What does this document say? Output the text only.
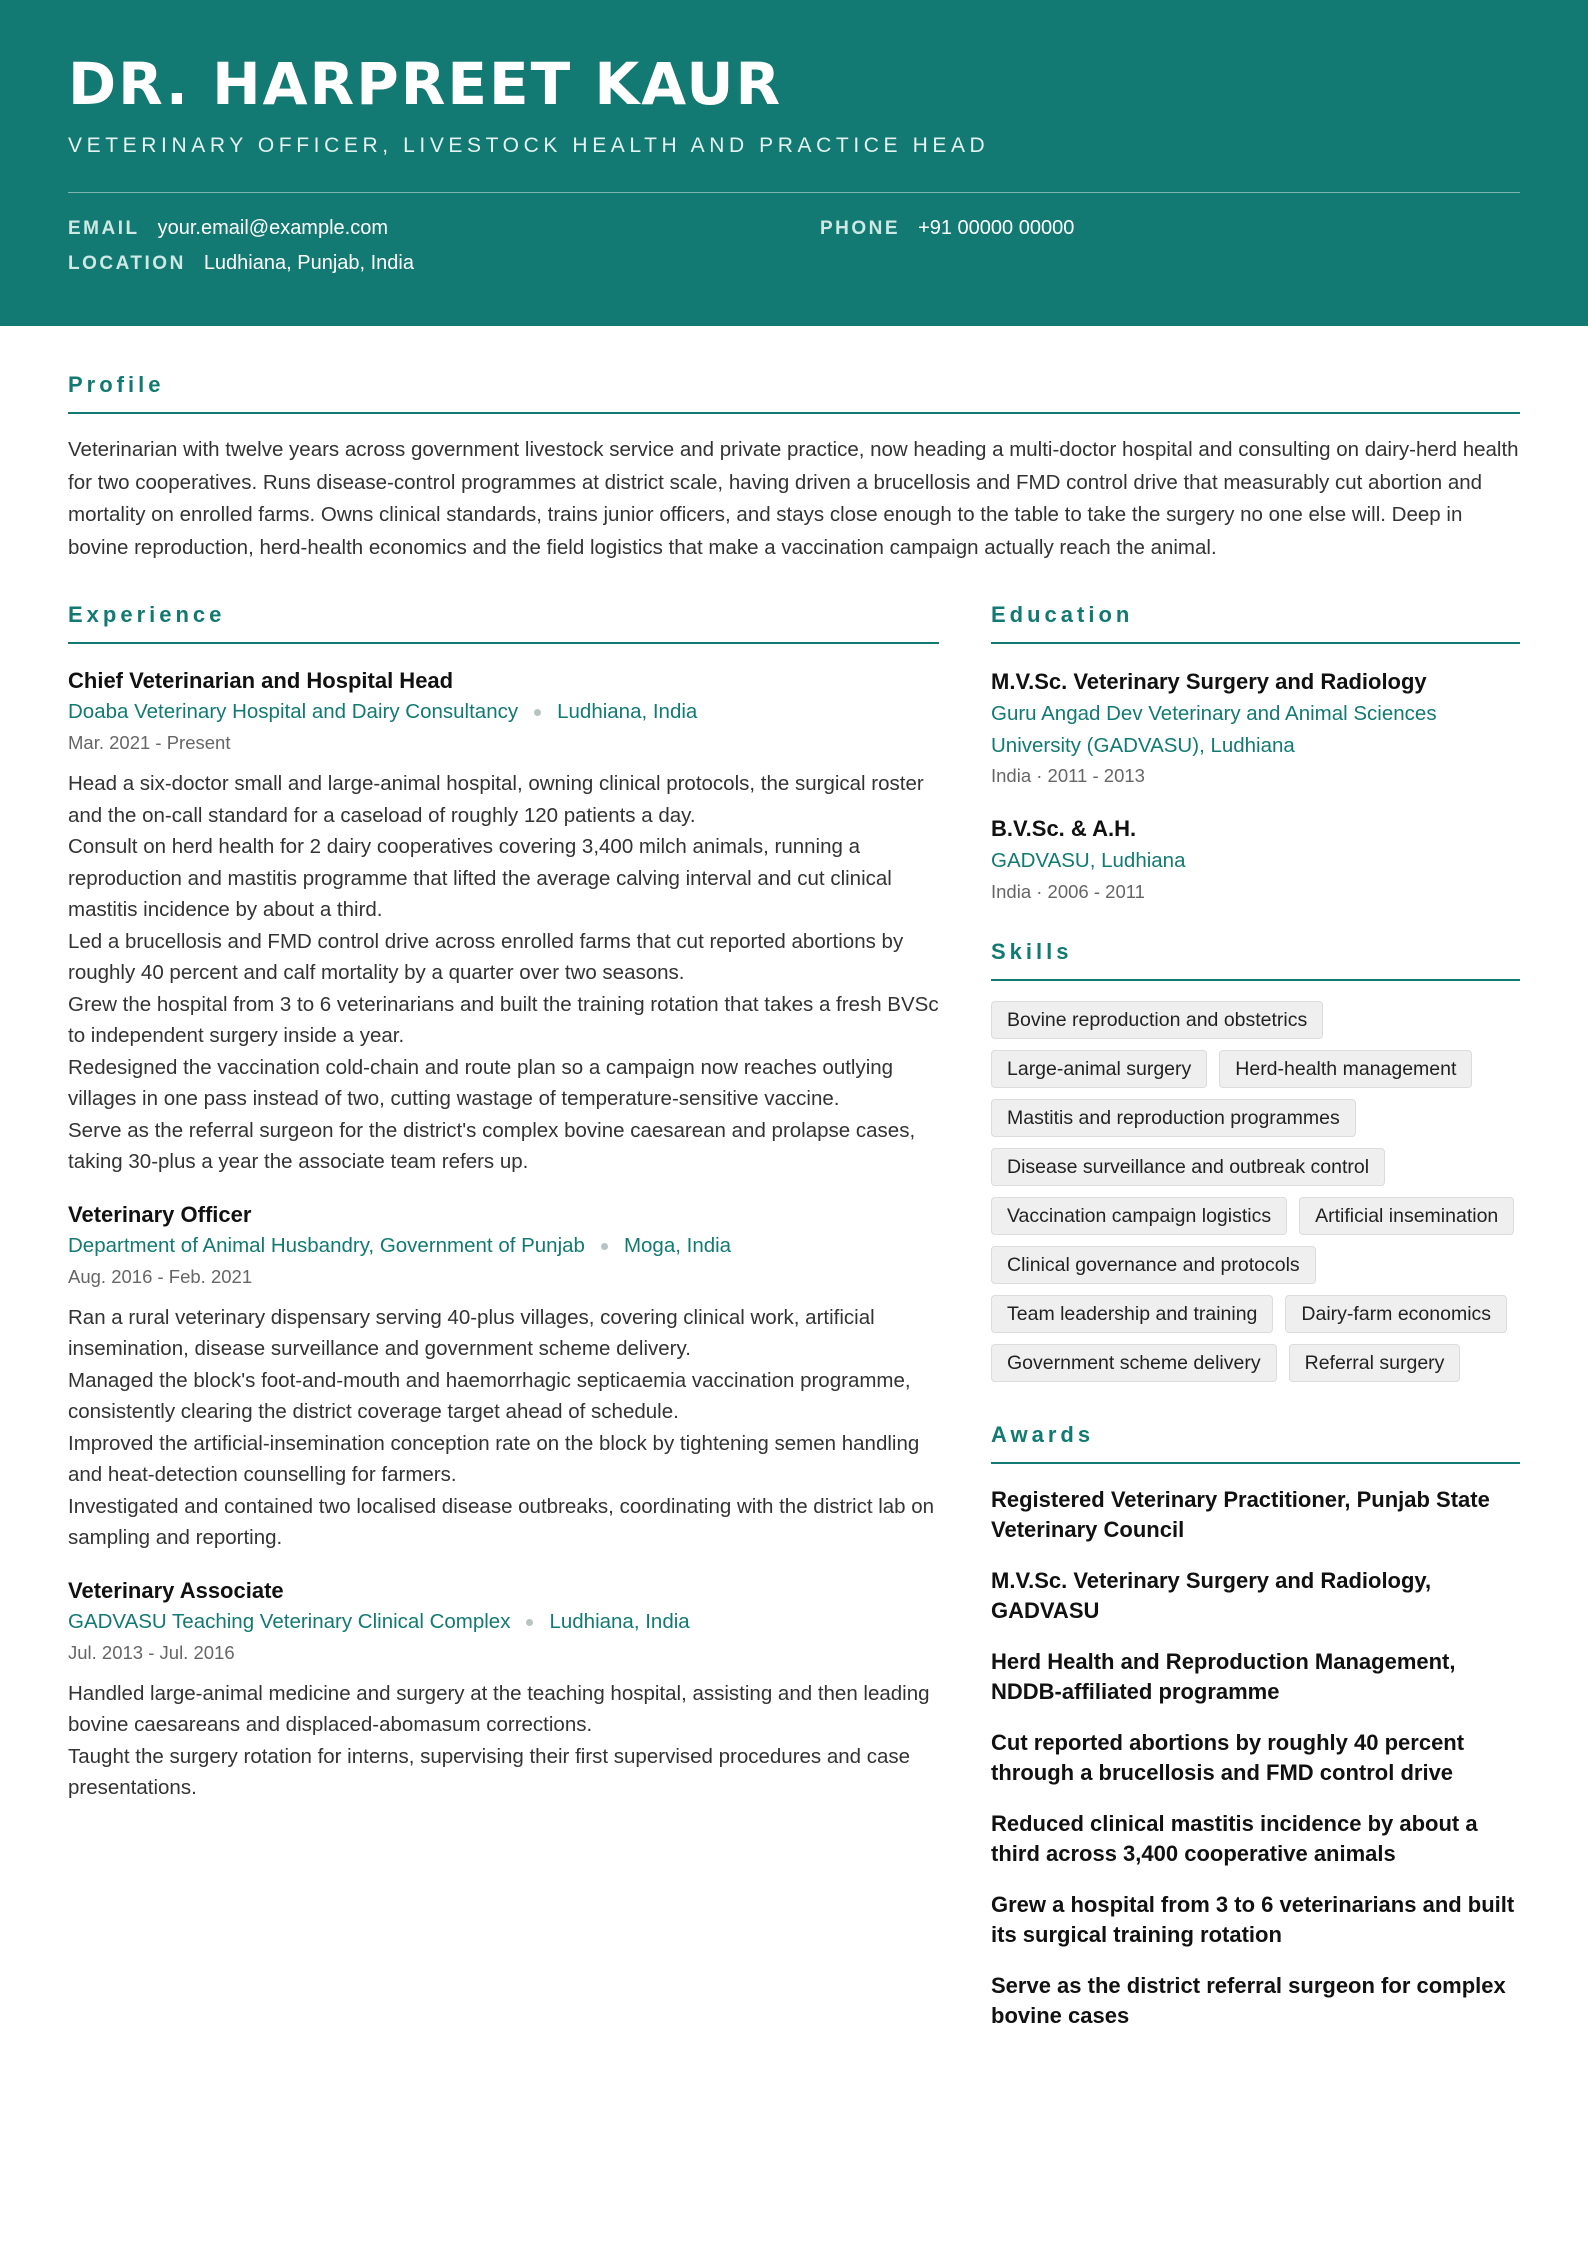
DR. HARPREET KAUR
VETERINARY OFFICER, LIVESTOCK HEALTH AND PRACTICE HEAD
EMAIL your.email@example.com	PHONE +91 00000 00000
LOCATION Ludhiana, Punjab, India
Profile

Veterinarian with twelve years across government livestock service and private practice, now heading a multi-doctor hospital and consulting on dairy-herd health for two cooperatives. Runs disease-control programmes at district scale, having driven a brucellosis and FMD control drive that measurably cut abortion and mortality on enrolled farms. Owns clinical standards, trains junior officers, and stays close enough to the table to take the surgery no one else will. Deep in bovine reproduction, herd-health economics and the field logistics that make a vaccination campaign actually reach the animal.

Experience
Chief Veterinarian and Hospital Head
Doaba Veterinary Hospital and Dairy Consultancy Ludhiana, India
Mar. 2021 - Present
Head a six-doctor small and large-animal hospital, owning clinical protocols, the surgical roster and the on-call standard for a caseload of roughly 120 patients a day.
Consult on herd health for 2 dairy cooperatives covering 3,400 milch animals, running a reproduction and mastitis programme that lifted the average calving interval and cut clinical mastitis incidence by about a third.
Led a brucellosis and FMD control drive across enrolled farms that cut reported abortions by roughly 40 percent and calf mortality by a quarter over two seasons.
Grew the hospital from 3 to 6 veterinarians and built the training rotation that takes a fresh BVSc to independent surgery inside a year.
Redesigned the vaccination cold-chain and route plan so a campaign now reaches outlying villages in one pass instead of two, cutting wastage of temperature-sensitive vaccine.
Serve as the referral surgeon for the district's complex bovine caesarean and prolapse cases, taking 30-plus a year the associate team refers up.
Veterinary Officer
Department of Animal Husbandry, Government of Punjab Moga, India
Aug. 2016 - Feb. 2021
Ran a rural veterinary dispensary serving 40-plus villages, covering clinical work, artificial insemination, disease surveillance and government scheme delivery.
Managed the block's foot-and-mouth and haemorrhagic septicaemia vaccination programme, consistently clearing the district coverage target ahead of schedule.
Improved the artificial-insemination conception rate on the block by tightening semen handling and heat-detection counselling for farmers.
Investigated and contained two localised disease outbreaks, coordinating with the district lab on sampling and reporting.
Veterinary Associate
GADVASU Teaching Veterinary Clinical Complex Ludhiana, India
Jul. 2013 - Jul. 2016
Handled large-animal medicine and surgery at the teaching hospital, assisting and then leading bovine caesareans and displaced-abomasum corrections.
Taught the surgery rotation for interns, supervising their first supervised procedures and case presentations.
Education
M.V.Sc. Veterinary Surgery and Radiology
Guru Angad Dev Veterinary and Animal Sciences University (GADVASU), Ludhiana
India · 2011 - 2013
B.V.Sc. & A.H.
GADVASU, Ludhiana
India · 2006 - 2011
Skills
Bovine reproduction and obstetrics
Large-animal surgery	Herd-health management
Mastitis and reproduction programmes
Disease surveillance and outbreak control
Vaccination campaign logistics	Artificial insemination
Clinical governance and protocols
Team leadership and training	Dairy-farm economics
Government scheme delivery	Referral surgery
Awards
Registered Veterinary Practitioner, Punjab State Veterinary Council
M.V.Sc. Veterinary Surgery and Radiology, GADVASU
Herd Health and Reproduction Management, NDDB-affiliated programme
Cut reported abortions by roughly 40 percent through a brucellosis and FMD control drive
Reduced clinical mastitis incidence by about a third across 3,400 cooperative animals
Grew a hospital from 3 to 6 veterinarians and built its surgical training rotation
Serve as the district referral surgeon for complex bovine cases
